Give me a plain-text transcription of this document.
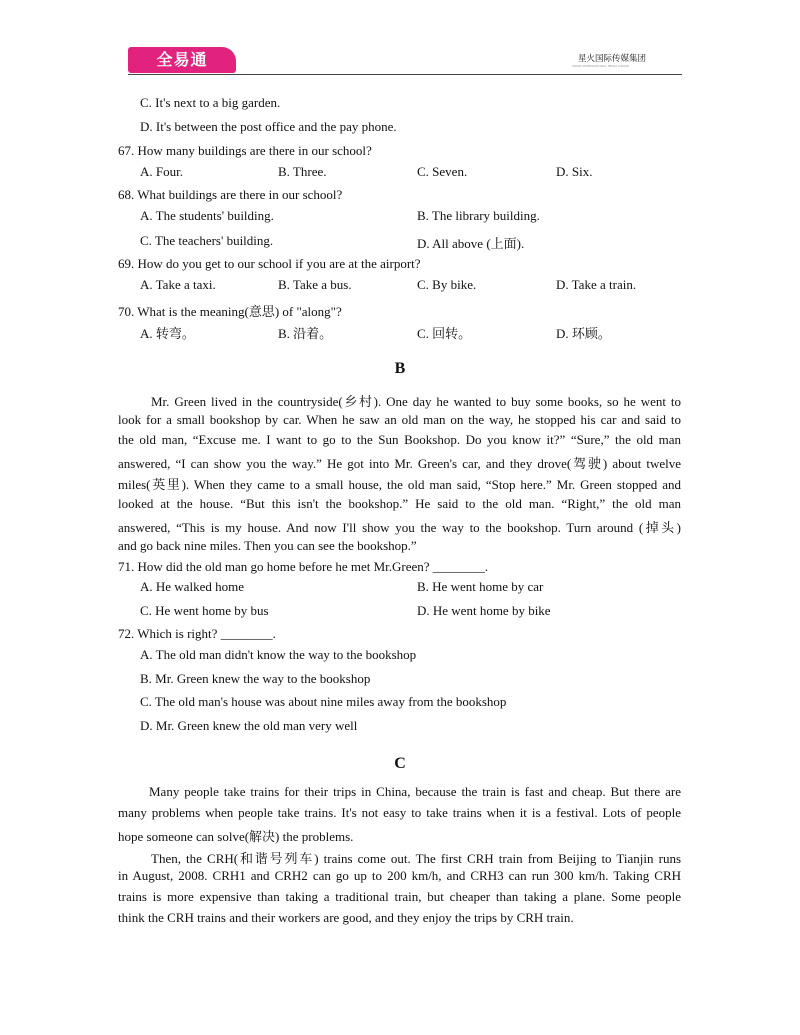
全易通	星火国际传媒集团
SPARK INTERNATIONAL MEDIA GROUP
C. It's next to a big garden.
D. It's between the post office and the pay phone.
67. How many buildings are there in our school?
A. Four.	B. Three.	C. Seven.	D. Six.
68. What buildings are there in our school?
A. The students' building.	B. The library building.
C. The teachers' building.	D. All above (上面).
69. How do you get to our school if you are at the airport?
A. Take a taxi.	B. Take a bus.	C. By bike.	D. Take a train.
70. What is the meaning(意思) of "along"?
A. 转弯。	B. 沿着。	C. 回转。	D. 环顾。
B
Mr. Green lived in the countryside(乡村). One day he wanted to buy some books, so he went to
look for a small bookshop by car. When he saw an old man on the way, he stopped his car and said to
the old man, “Excuse me. I want to go to the Sun Bookshop. Do you know it?” “Sure,” the old man
answered, “I can show you the way.” He got into Mr. Green's car, and they drove(驾驶) about twelve
miles(英里). When they came to a small house, the old man said, “Stop here.” Mr. Green stopped and
looked at the house. “But this isn't the bookshop.” He said to the old man. “Right,” the old man
answered, “This is my house. And now I'll show you the way to the bookshop. Turn around (掉头)
and go back nine miles. Then you can see the bookshop.”
71. How did the old man go home before he met Mr.Green? ________.
A. He walked home	B. He went home by car
C. He went home by bus	D. He went home by bike
72. Which is right? ________.
A. The old man didn't know the way to the bookshop
B. Mr. Green knew the way to the bookshop
C. The old man's house was about nine miles away from the bookshop
D. Mr. Green knew the old man very well
C
Many people take trains for their trips in China, because the train is fast and cheap. But there are
many problems when people take trains. It's not easy to take trains when it is a festival. Lots of people
hope someone can solve(解决) the problems.
Then, the CRH(和谐号列车) trains come out. The first CRH train from Beijing to Tianjin runs
in August, 2008. CRH1 and CRH2 can go up to 200 km/h, and CRH3 can run 300 km/h. Taking CRH
trains is more expensive than taking a traditional train, but cheaper than taking a plane. Some people
think the CRH trains and their workers are good, and they enjoy the trips by CRH train.
